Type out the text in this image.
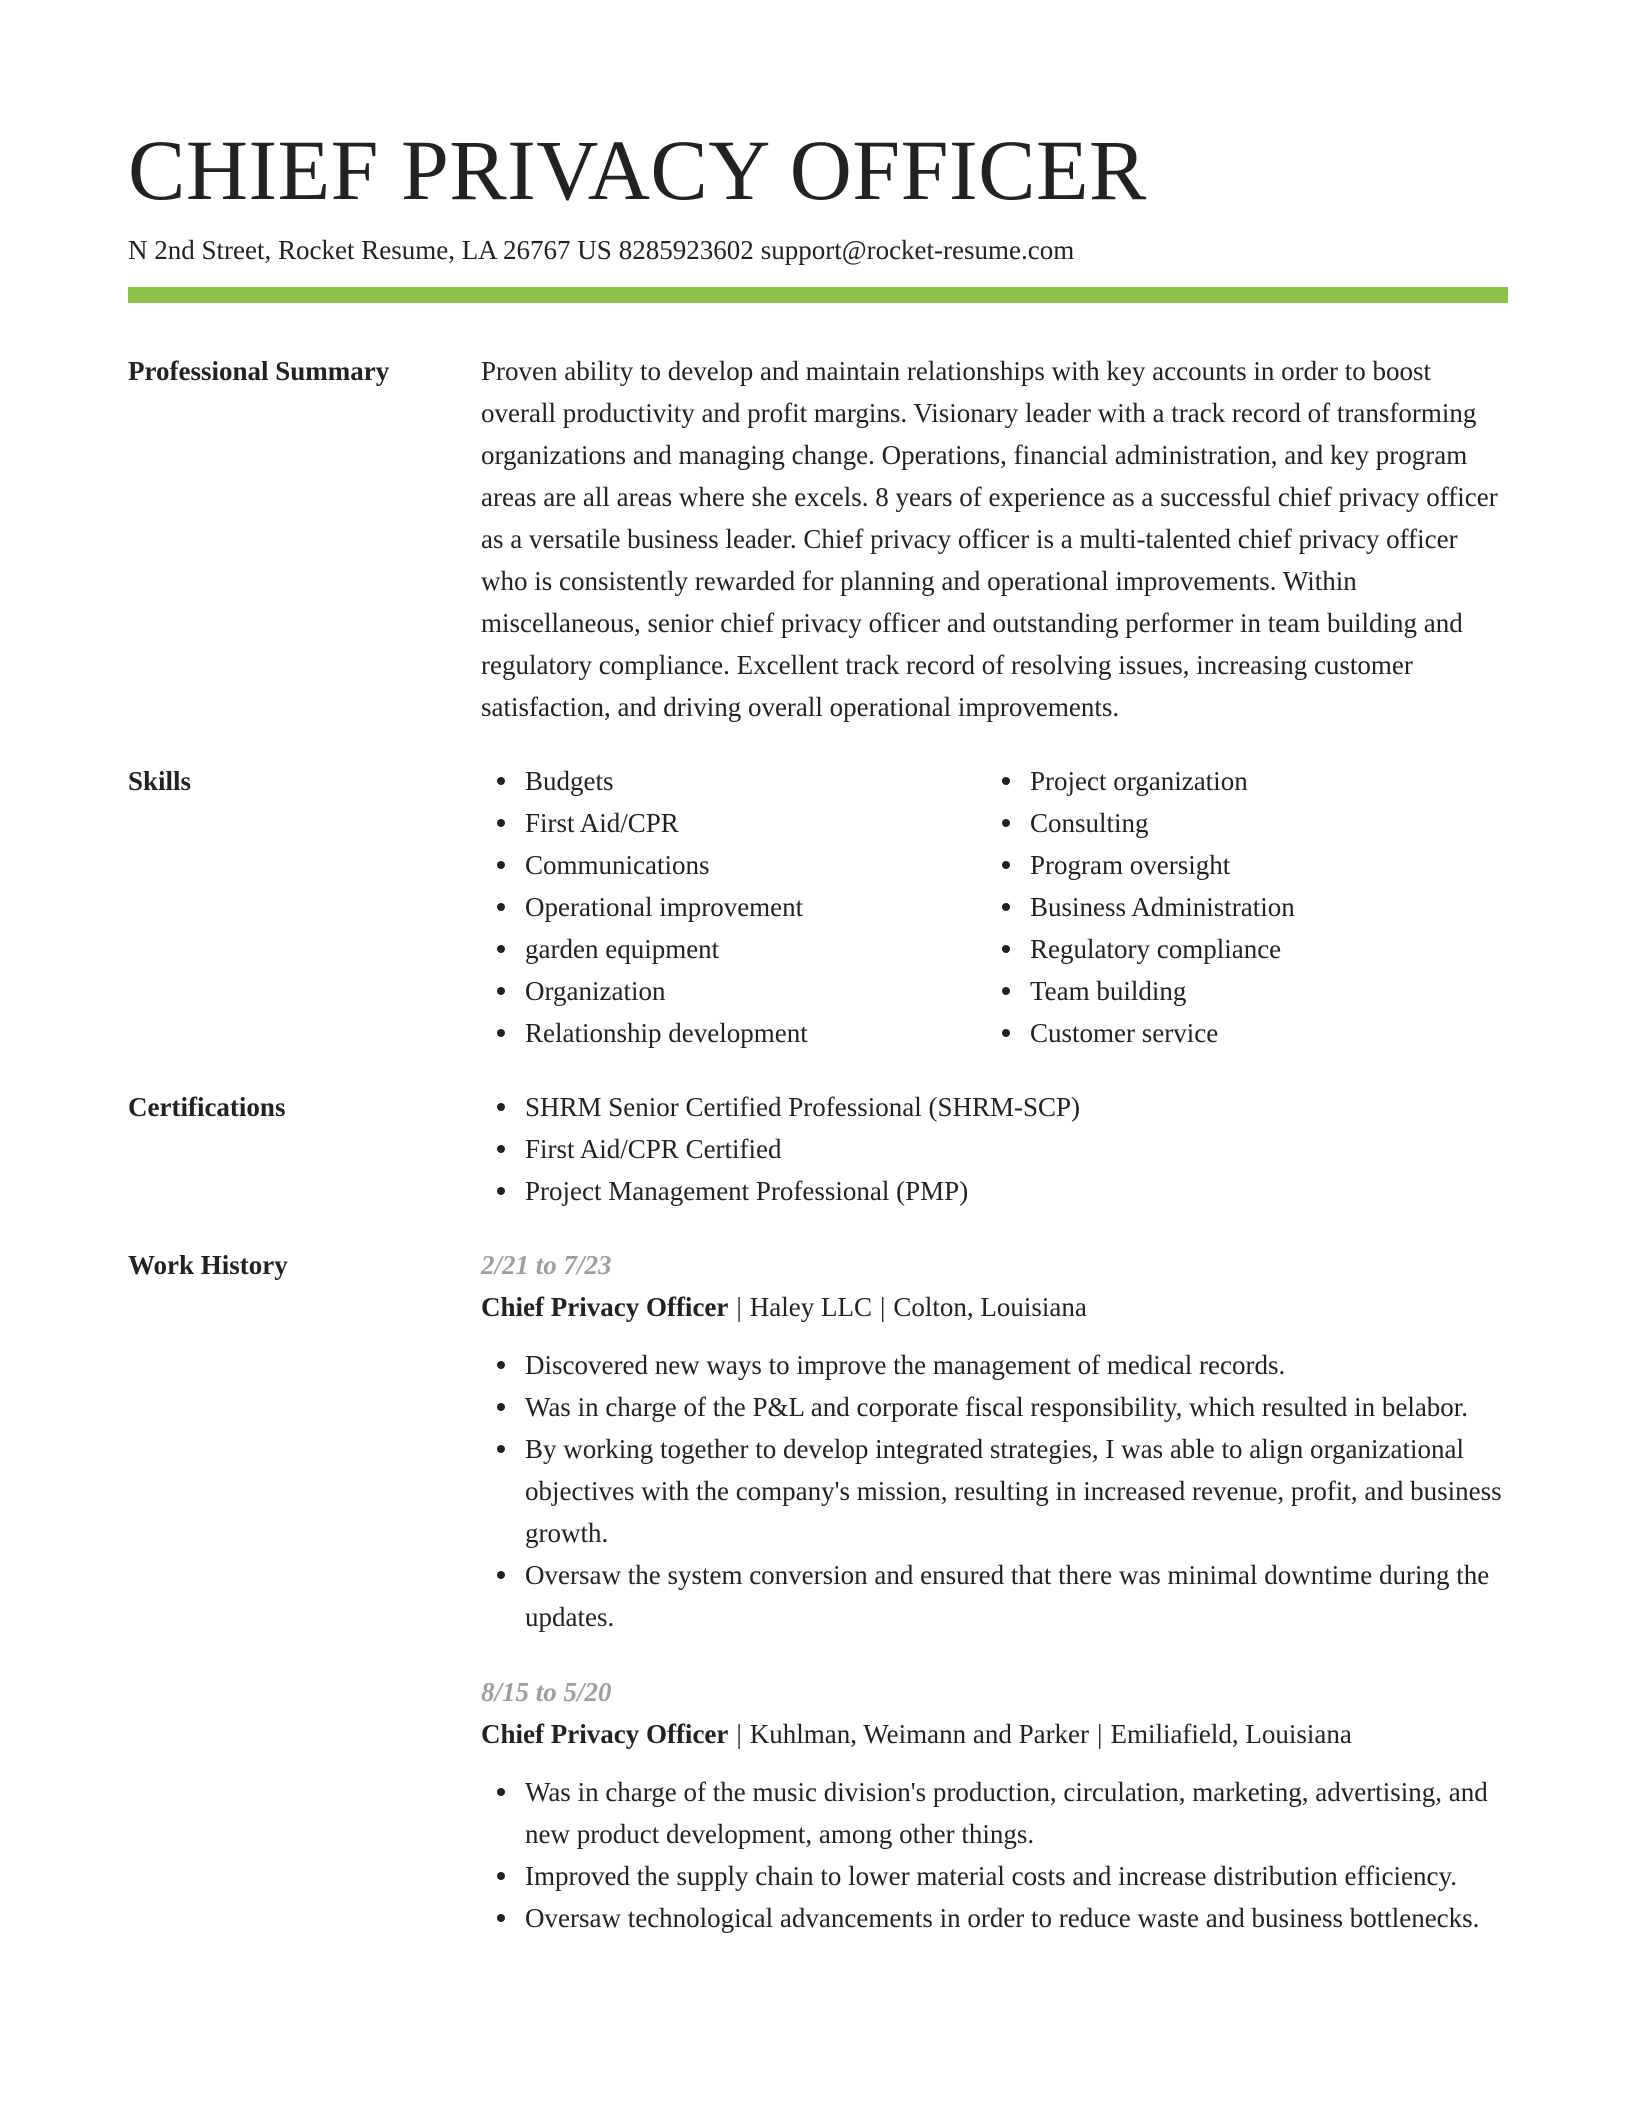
CHIEF PRIVACY OFFICER
N 2nd Street, Rocket Resume, LA 26767 US 8285923602 support@rocket-resume.com
Professional Summary	Proven ability to develop and maintain relationships with key accounts in order to boost overall productivity and profit margins. Visionary leader with a track record of transforming organizations and managing change. Operations, financial administration, and key program areas are all areas where she excels. 8 years of experience as a successful chief privacy officer as a versatile business leader. Chief privacy officer is a multi-talented chief privacy officer who is consistently rewarded for planning and operational improvements. Within miscellaneous, senior chief privacy officer and outstanding performer in team building and regulatory compliance. Excellent track record of resolving issues, increasing customer satisfaction, and driving overall operational improvements.

Skills	Budgets
First Aid/CPR
Communications
Operational improvement
garden equipment
Organization
Relationship development
Project organization
Consulting
Program oversight
Business Administration
Regulatory compliance
Team building
Customer service
Certifications	SHRM Senior Certified Professional (SHRM-SCP)
First Aid/CPR Certified
Project Management Professional (PMP)
Work History	2/21 to 7/23
Chief Privacy Officer | Haley LLC | Colton, Louisiana
Discovered new ways to improve the management of medical records.
Was in charge of the P&L and corporate fiscal responsibility, which resulted in belabor.
By working together to develop integrated strategies, I was able to align organizational objectives with the company's mission, resulting in increased revenue, profit, and business growth.
Oversaw the system conversion and ensured that there was minimal downtime during the updates.
8/15 to 5/20
Chief Privacy Officer | Kuhlman, Weimann and Parker | Emiliafield, Louisiana
Was in charge of the music division's production, circulation, marketing, advertising, and new product development, among other things.
Improved the supply chain to lower material costs and increase distribution efficiency.
Oversaw technological advancements in order to reduce waste and business bottlenecks.
